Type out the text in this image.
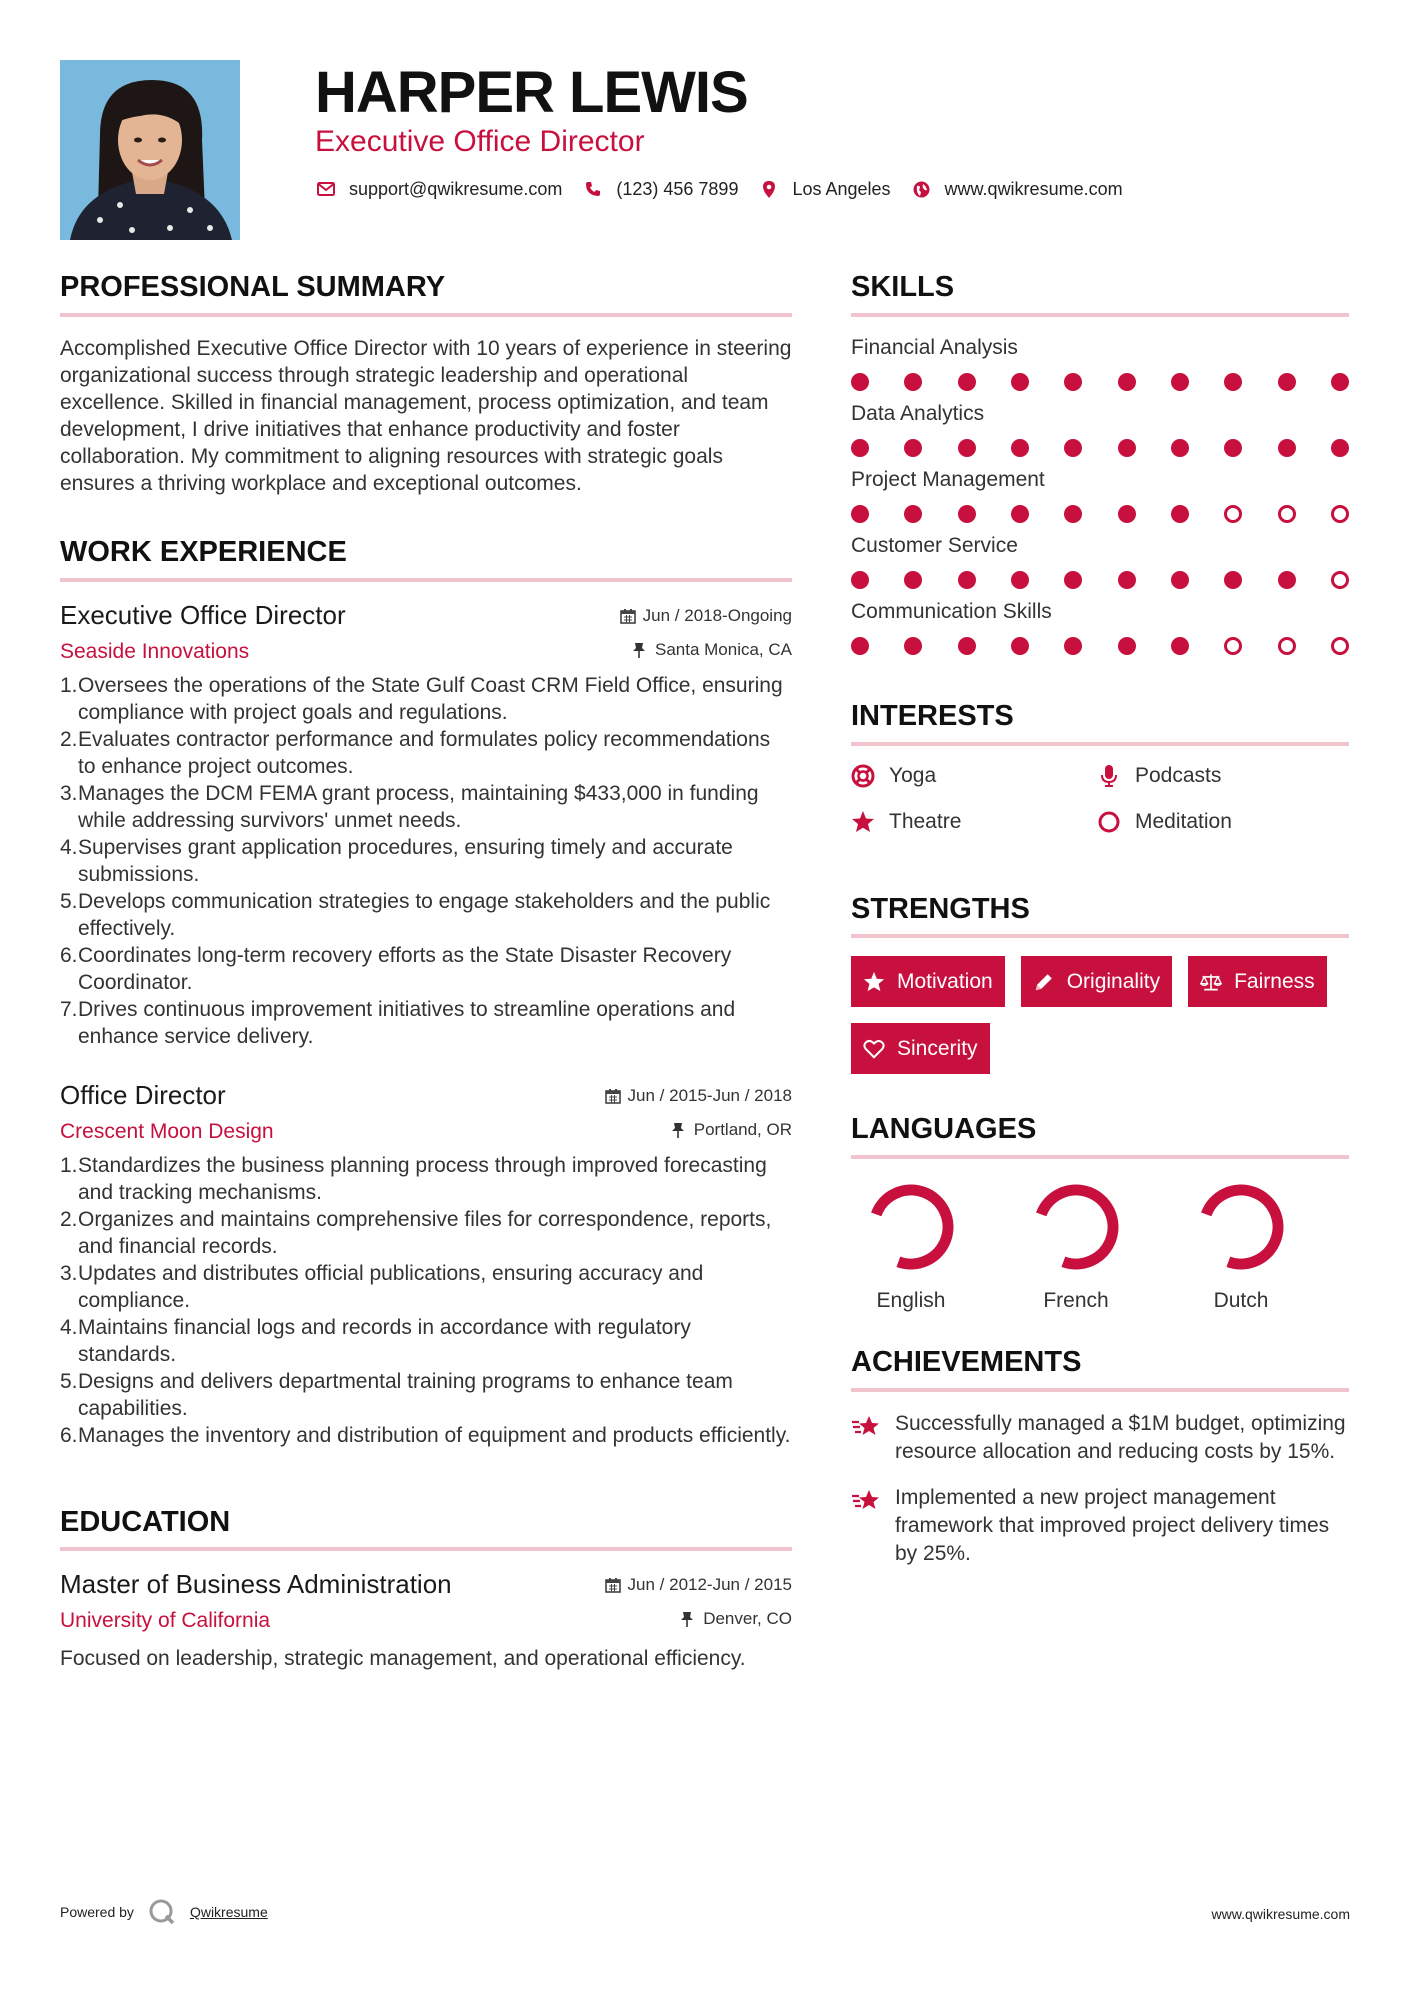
HARPER LEWIS
Executive Office Director
support@qwikresume.com	(123) 456 7899	Los Angeles	www.qwikresume.com
PROFESSIONAL SUMMARY

Accomplished Executive Office Director with 10 years of experience in steering organizational success through strategic leadership and operational excellence. Skilled in financial management, process optimization, and team development, I drive initiatives that enhance productivity and foster collaboration. My commitment to aligning resources with strategic goals ensures a thriving workplace and exceptional outcomes.

WORK EXPERIENCE
Executive Office Director
Seaside Innovations
Jun / 2018-Ongoing
Santa Monica, CA
1. Oversees the operations of the State Gulf Coast CRM Field Office, ensuring compliance with project goals and regulations.
2. Evaluates contractor performance and formulates policy recommendations to enhance project outcomes.
3. Manages the DCM FEMA grant process, maintaining $433,000 in funding while addressing survivors' unmet needs.
4. Supervises grant application procedures, ensuring timely and accurate submissions.
5. Develops communication strategies to engage stakeholders and the public effectively.
6. Coordinates long-term recovery efforts as the State Disaster Recovery Coordinator.
7. Drives continuous improvement initiatives to streamline operations and enhance service delivery.
Office Director
Crescent Moon Design
Jun / 2015-Jun / 2018
Portland, OR
1. Standardizes the business planning process through improved forecasting and tracking mechanisms.
2. Organizes and maintains comprehensive files for correspondence, reports, and financial records.
3. Updates and distributes official publications, ensuring accuracy and compliance.
4. Maintains financial logs and records in accordance with regulatory standards.
5. Designs and delivers departmental training programs to enhance team capabilities.
6. Manages the inventory and distribution of equipment and products efficiently.
EDUCATION
Master of Business Administration
University of California
Jun / 2012-Jun / 2015
Denver, CO

Focused on leadership, strategic management, and operational efficiency.

SKILLS
Financial Analysis
Data Analytics
Project Management
Customer Service
Communication Skills
INTERESTS
Yoga	Podcasts
Theatre	Meditation
STRENGTHS
Motivation	Originality	Fairness
Sincerity
LANGUAGES
English	French	Dutch
ACHIEVEMENTS
Successfully managed a $1M budget, optimizing resource allocation and reducing costs by 15%.
Implemented a new project management framework that improved project delivery times by 25%.
Powered by	Qwikresume	www.qwikresume.com
